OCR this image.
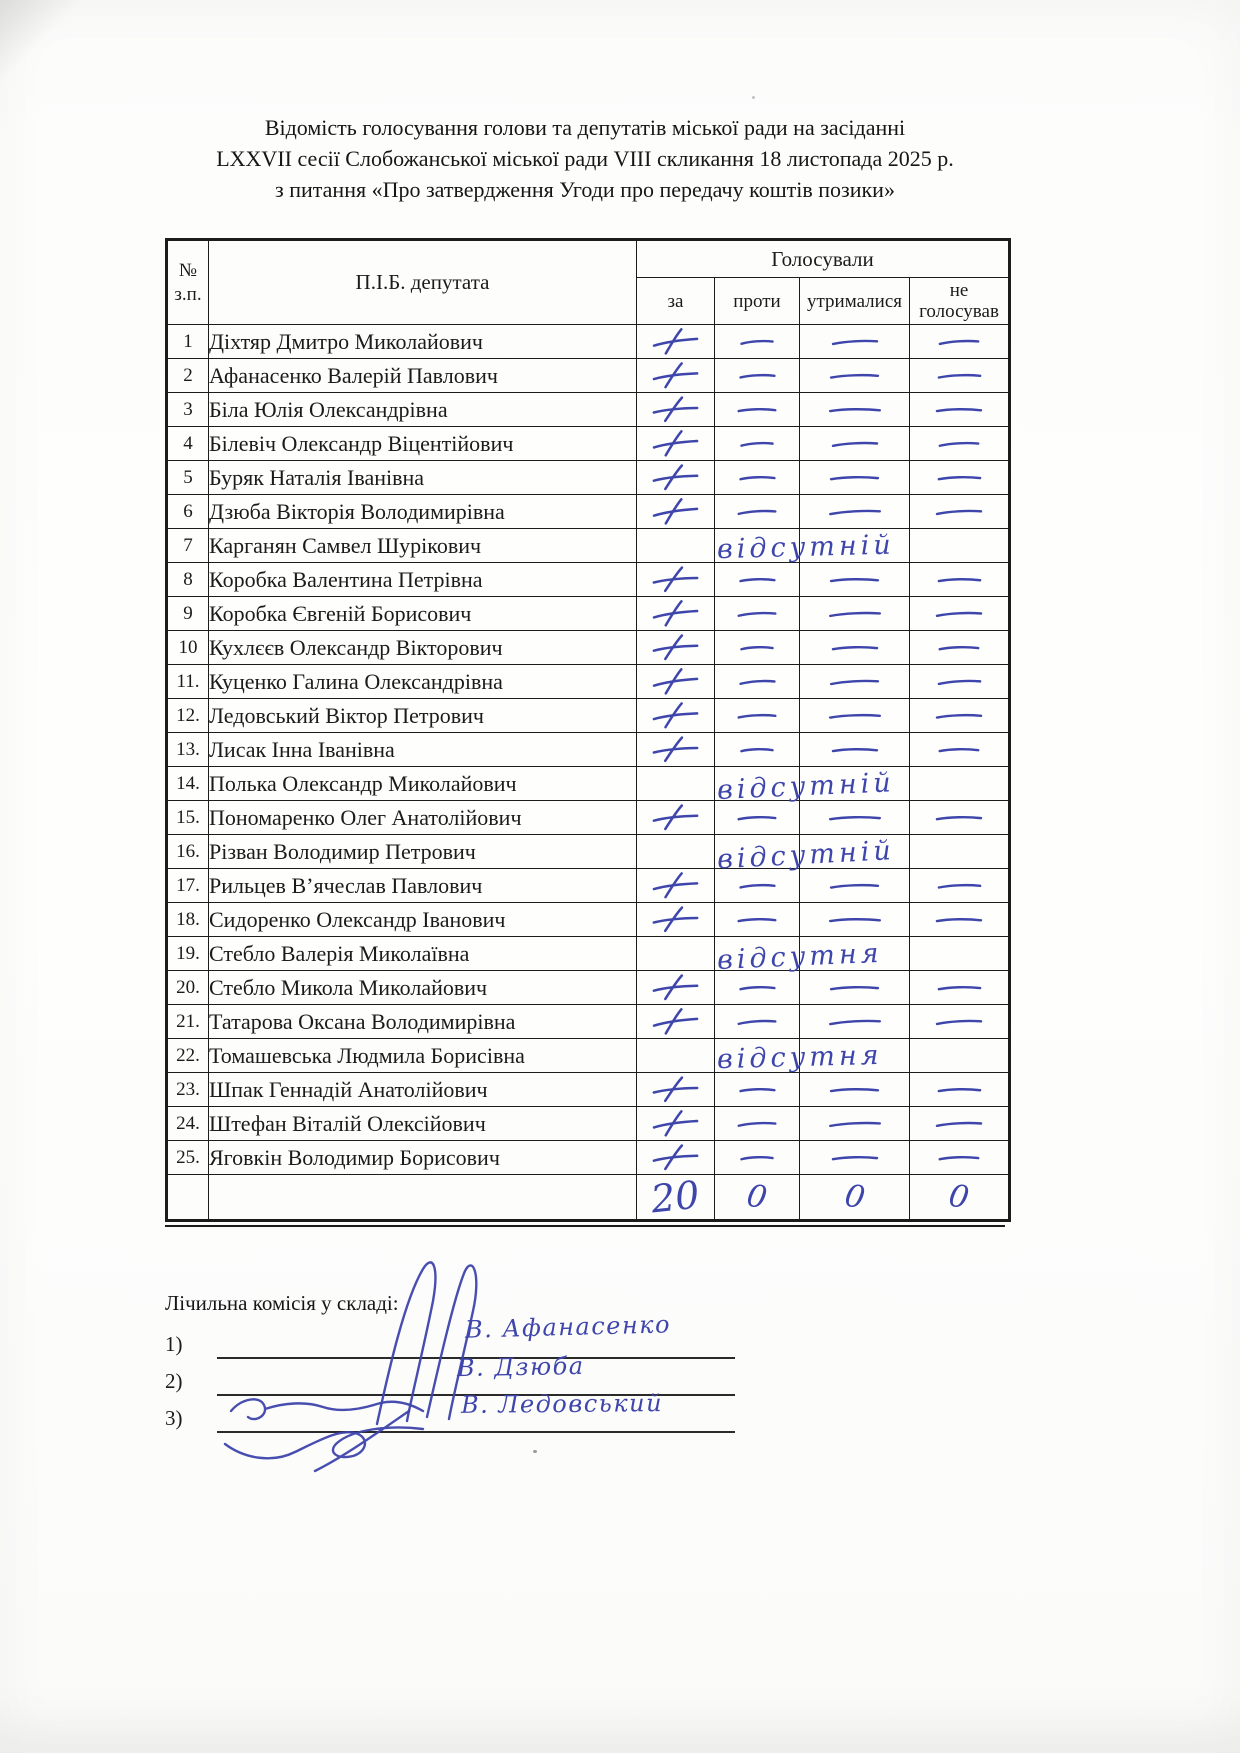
Відомість голосування голови та депутатів міської ради на засіданні
LXXVII сесії Слобожанської міської ради VIII скликання 18 листопада 2025 р.
з питання «Про затвердження Угоди про передачу коштів позики»
№
з.п.	П.І.Б. депутата	Голосували			
		за	проти	утрималися	не голосував
1	Діхтяр Дмитро Миколайович				
2	Афанасенко Валерій Павлович				
3	Біла Юлія Олександрівна				
4	Білевіч Олександр Віцентійович				
5	Буряк Наталія Іванівна				
6	Дзюба Вікторія Володимирівна				
7	Карганян Самвел Шурікович		відсутній		

8	Коробка Валентина Петрівна				
9	Коробка Євгеній Борисович				
10	Кухлєєв Олександр Вікторович				
11.	Куценко Галина Олександрівна				
12.	Ледовський Віктор Петрович				
13.	Лисак Інна Іванівна				
14.	Полька Олександр Миколайович		відсутній		

15.	Пономаренко Олег Анатолійович				
16.	Різван Володимир Петрович		відсутній		

17.	Рильцев В’ячеслав Павлович				
18.	Сидоренко Олександр Іванович				
19.	Стебло Валерія Миколаївна		відсутня		

20.	Стебло Микола Миколайович				
21.	Татарова Оксана Володимирівна				
22.	Томашевська Людмила Борисівна		відсутня		

23.	Шпак Геннадій Анатолійович				
24.	Штефан Віталій Олексійович				
25.	Яговкін Володимир Борисович				
		20	0	0	0
Лічильна комісія у складі:
1)
2)
3)
В. Афанасенко
В. Дзюба
В. Ледовський
